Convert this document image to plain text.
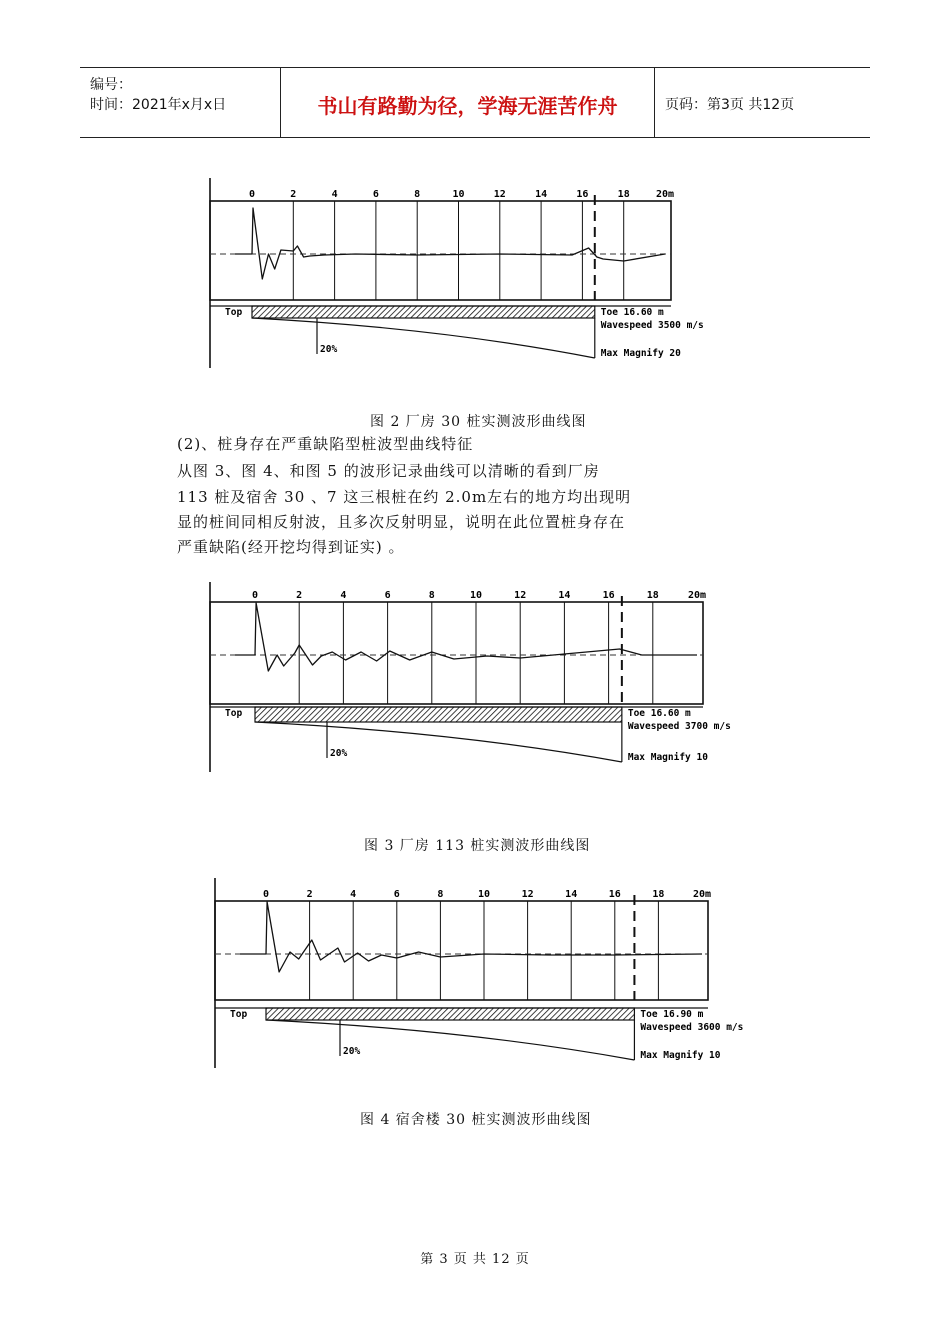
编号：
时间：2021年x月x日	书山有路勤为径，学海无涯苦作舟	页码：第3页 共12页
0	2	4	6	8	10	12	14	16	18	20m
Top
20%
Toe 16.60 m
Wavespeed 3500 m/s
Max Magnify 20
图 2 厂房 30 桩实测波形曲线图
(2)、桩身存在严重缺陷型桩波型曲线特征
从图 3、图 4、和图 5 的波形记录曲线可以清晰的看到厂房
113 桩及宿舍 30 、7 这三根桩在约 2.0m左右的地方均出现明
显的桩间同相反射波，且多次反射明显，说明在此位置桩身存在
严重缺陷(经开挖均得到证实) 。
0	2	4	6	8	10	12	14	16	18	20m
Top
20%
Toe 16.60 m
Wavespeed 3700 m/s
Max Magnify 10
图 3 厂房 113 桩实测波形曲线图
0	2	4	6	8	10	12	14	16	18	20m
Top
20%
Toe 16.90 m
Wavespeed 3600 m/s
Max Magnify 10
图 4 宿舍楼 30 桩实测波形曲线图
第 3 页 共 12 页
